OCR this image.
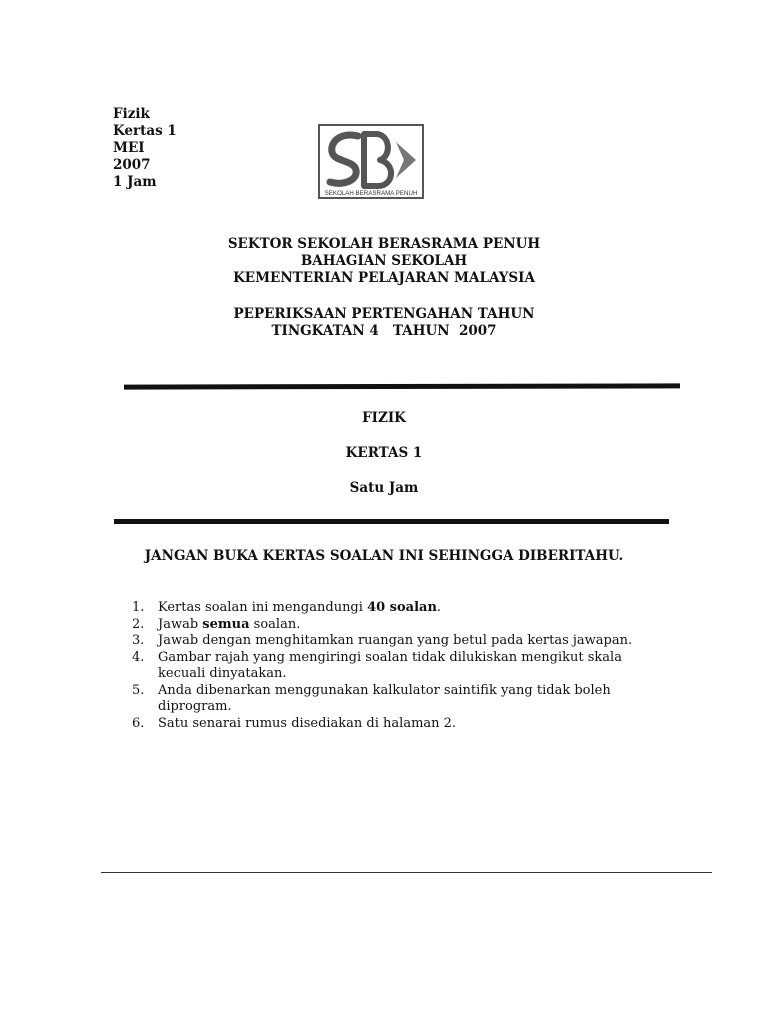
Fizik
Kertas 1
MEI
2007
1 Jam
SEKOLAH BERASRAMA PENUH
SEKTOR SEKOLAH BERASRAMA PENUH
BAHAGIAN SEKOLAH
KEMENTERIAN PELAJARAN MALAYSIA
PEPERIKSAAN PERTENGAHAN TAHUN
TINGKATAN 4   TAHUN  2007
FIZIK
KERTAS 1
Satu Jam
JANGAN BUKA KERTAS SOALAN INI SEHINGGA DIBERITAHU.
1.	Kertas soalan ini mengandungi 40 soalan.
2.	Jawab semua soalan.
3.	Jawab dengan menghitamkan ruangan yang betul pada kertas jawapan.
4.	Gambar rajah yang mengiringi soalan tidak dilukiskan mengikut skala kecuali dinyatakan.
5.	Anda dibenarkan menggunakan kalkulator saintifik yang tidak boleh diprogram.
6.	Satu senarai rumus disediakan di halaman 2.
